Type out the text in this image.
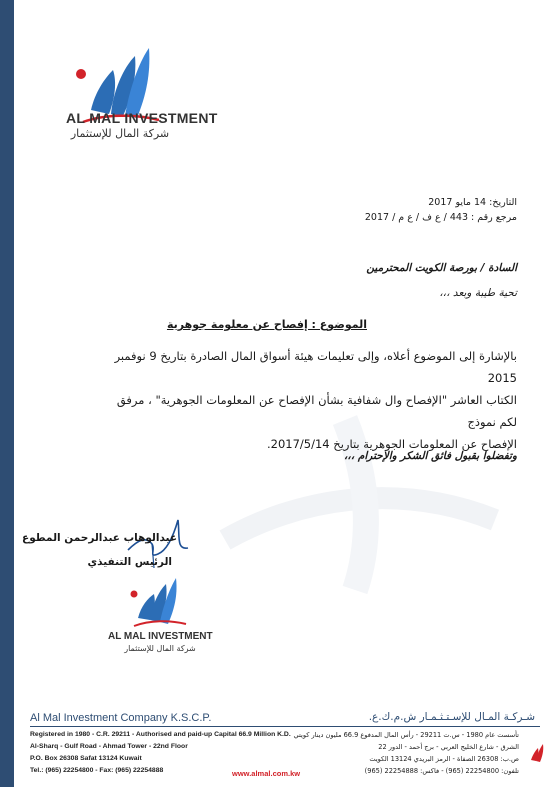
AL MAL INVESTMENT
شركة المال للإستثمار
التاريخ: 14 مايو 2017
مرجع رقم : 443 / ع ف / ع م / 2017
السادة / بورصة الكويت المحترمين
تحية طيبة وبعد ،،،
الموضوع : إفصاح عن معلومة جوهرية
بالإشارة إلى الموضوع أعلاه، وإلى تعليمات هيئة أسواق المال الصادرة بتاريخ 9 نوفمبر 2015
الكتاب العاشر "الإفصاح وال شفافية بشأن الإفصاح عن المعلومات الجوهرية" ، مرفق لكم نموذج
الإفصاح عن المعلومات الجوهرية بتاريخ 2017/5/14.
وتفضلوا بقبول فائق الشكر والإحترام ،،،
عبدالوهاب عبدالرحمن المطوع
الرئيس التنفيذي
AL MAL INVESTMENT
شركة المال للإستثمار
Al Mal Investment Company K.S.C.P.	شـركـة المـال للإسـتـثـمـار ش.م.ك.ع.
Registered in 1980 - C.R. 29211 - Authorised and paid-up Capital 66.9 Million K.D.
Al-Sharq - Gulf Road - Ahmad Tower - 22nd Floor
P.O. Box 26308 Safat 13124 Kuwait
Tel.: (965) 22254800 - Fax: (965) 22254888
تأسست عام 1980 - س.ت 29211 - رأس المال المدفوع 66.9 مليون دينار كويتي
الشرق - شارع الخليج العربي - برج أحمد - الدور 22
ص.ب: 26308 الصفاة - الرمز البريدي 13124 الكويت
تلفون: 22254800 (965) - فاكس: 22254888 (965)
www.almal.com.kw
